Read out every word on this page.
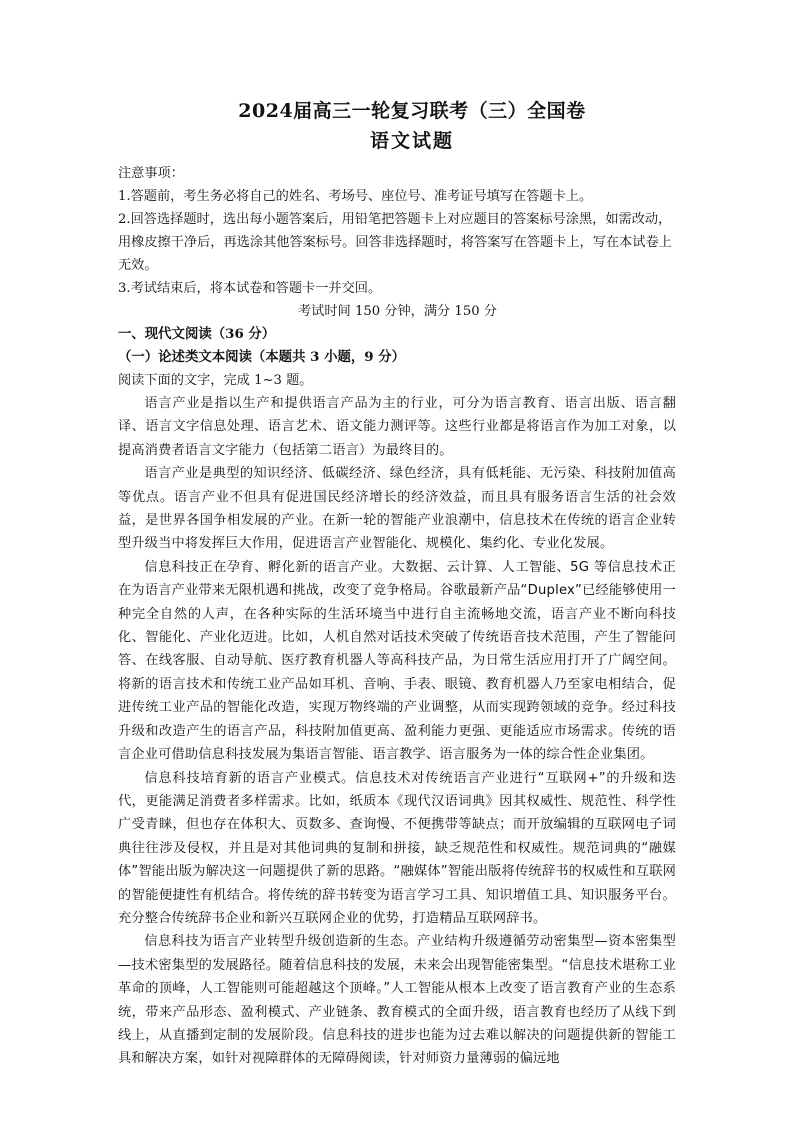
2024届高三一轮复习联考（三）全国卷
语文试题

注意事项：

1.答题前，考生务必将自己的姓名、考场号、座位号、准考证号填写在答题卡上。

2.回答选择题时，选出每小题答案后，用铅笔把答题卡上对应题目的答案标号涂黑，如需改动，用橡皮擦干净后，再选涂其他答案标号。回答非选择题时，将答案写在答题卡上，写在本试卷上无效。

3.考试结束后，将本试卷和答题卡一并交回。

考试时间 150 分钟，满分 150 分

一、现代文阅读（36 分）

（一）论述类文本阅读（本题共 3 小题，9 分）

阅读下面的文字，完成 1~3 题。

语言产业是指以生产和提供语言产品为主的行业，可分为语言教育、语言出版、语言翻译、语言文字信息处理、语言艺术、语文能力测评等。这些行业都是将语言作为加工对象，以提高消费者语言文字能力（包括第二语言）为最终目的。

语言产业是典型的知识经济、低碳经济、绿色经济，具有低耗能、无污染、科技附加值高等优点。语言产业不但具有促进国民经济增长的经济效益，而且具有服务语言生活的社会效益，是世界各国争相发展的产业。在新一轮的智能产业浪潮中，信息技术在传统的语言企业转型升级当中将发挥巨大作用，促进语言产业智能化、规模化、集约化、专业化发展。

信息科技正在孕育、孵化新的语言产业。大数据、云计算、人工智能、5G 等信息技术正在为语言产业带来无限机遇和挑战，改变了竞争格局。谷歌最新产品“Duplex”已经能够使用一种完全自然的人声，在各种实际的生活环境当中进行自主流畅地交流，语言产业不断向科技化、智能化、产业化迈进。比如，人机自然对话技术突破了传统语音技术范围，产生了智能问答、在线客服、自动导航、医疗教育机器人等高科技产品，为日常生活应用打开了广阔空间。将新的语言技术和传统工业产品如耳机、音响、手表、眼镜、教育机器人乃至家电相结合，促进传统工业产品的智能化改造，实现万物终端的产业调整，从而实现跨领域的竞争。经过科技升级和改造产生的语言产品，科技附加值更高、盈利能力更强、更能适应市场需求。传统的语言企业可借助信息科技发展为集语言智能、语言教学、语言服务为一体的综合性企业集团。

信息科技培育新的语言产业模式。信息技术对传统语言产业进行“互联网+”的升级和迭代，更能满足消费者多样需求。比如，纸质本《现代汉语词典》因其权威性、规范性、科学性广受青睐，但也存在体积大、页数多、查询慢、不便携带等缺点；而开放编辑的互联网电子词典往往涉及侵权，并且是对其他词典的复制和拼接，缺乏规范性和权威性。规范词典的“融媒体”智能出版为解决这一问题提供了新的思路。“融媒体”智能出版将传统辞书的权威性和互联网的智能便捷性有机结合。将传统的辞书转变为语言学习工具、知识增值工具、知识服务平台。充分整合传统辞书企业和新兴互联网企业的优势，打造精品互联网辞书。

信息科技为语言产业转型升级创造新的生态。产业结构升级遵循劳动密集型—资本密集型—技术密集型的发展路径。随着信息科技的发展，未来会出现智能密集型。“信息技术堪称工业革命的顶峰，人工智能则可能超越这个顶峰。”人工智能从根本上改变了语言教育产业的生态系统，带来产品形态、盈利模式、产业链条、教育模式的全面升级，语言教育也经历了从线下到线上，从直播到定制的发展阶段。信息科技的进步也能为过去难以解决的问题提供新的智能工具和解决方案，如针对视障群体的无障碍阅读，针对师资力量薄弱的偏远地
